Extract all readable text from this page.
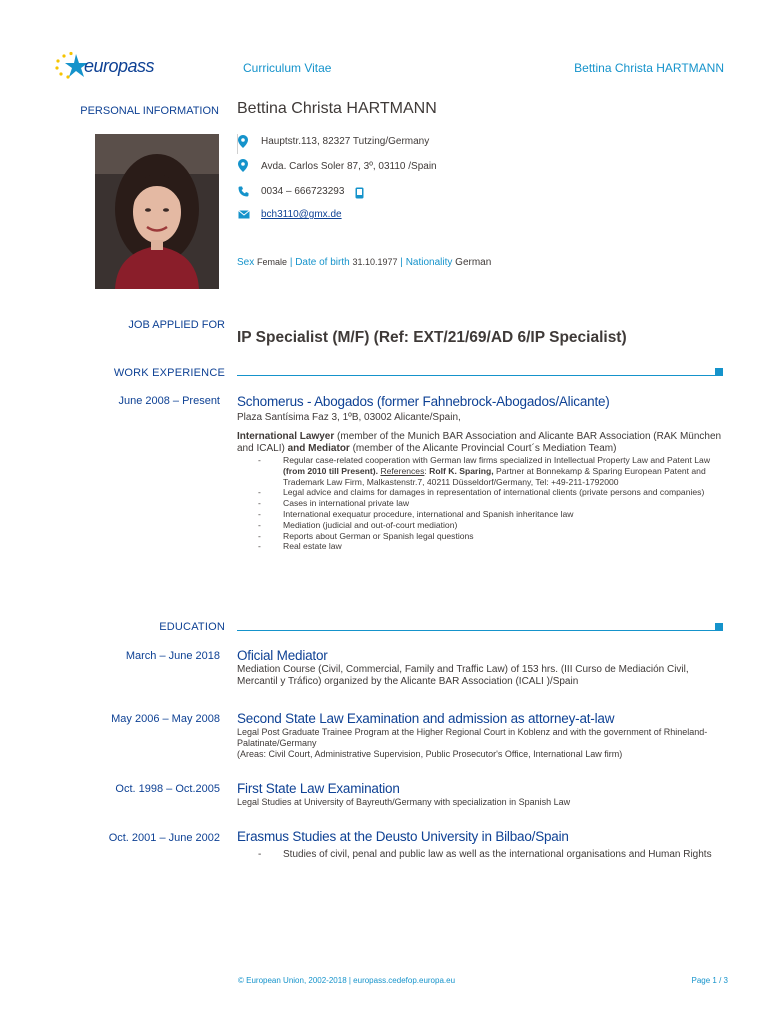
europass	Curriculum Vitae	Bettina Christa HARTMANN
PERSONAL INFORMATION Bettina Christa HARTMANN
Hauptstr.113, 82327 Tutzing/Germany
Avda. Carlos Soler 87, 3º, 03110 /Spain
0034 – 666723293
bch3110@gmx.de
Sex Female | Date of birth 31.10.1977 | Nationality German
JOB APPLIED FOR
IP Specialist (M/F) (Ref: EXT/21/69/AD 6/IP Specialist)
WORK EXPERIENCE
June 2008 – Present Schomerus - Abogados (former Fahnebrock-Abogados/Alicante)
Plaza Santísima Faz 3, 1ºB, 03002 Alicante/Spain,
International Lawyer (member of the Munich BAR Association and Alicante BAR Association (RAK München and ICALI) and Mediator (member of the Alicante Provincial Court´s Mediation Team)
-	Regular case-related cooperation with German law firms specialized in Intellectual Property Law and Patent Law (from 2010 till Present). References: Rolf K. Sparing, Partner at Bonnekamp & Sparing European Patent and Trademark Law Firm, Malkastenstr.7, 40211 Düsseldorf/Germany, Tel: +49-211-1792000
-	Legal advice and claims for damages in representation of international clients (private persons and companies)
-	Cases in international private law
-	International exequatur procedure, international and Spanish inheritance law
-	Mediation (judicial and out-of-court mediation)
-	Reports about German or Spanish legal questions
-	Real estate law
EDUCATION
March – June 2018 Oficial Mediator
Mediation Course (Civil, Commercial, Family and Traffic Law) of 153 hrs. (III Curso de Mediación Civil, Mercantil y Tráfico) organized by the Alicante BAR Association (ICALI )/Spain
May 2006 – May 2008 Second State Law Examination and admission as attorney-at-law
Legal Post Graduate Trainee Program at the Higher Regional Court in Koblenz and with the government of Rhineland-Palatinate/Germany
(Areas: Civil Court, Administrative Supervision, Public Prosecutor's Office, International Law firm)
Oct. 1998 – Oct.2005 First State Law Examination
Legal Studies at University of Bayreuth/Germany with specialization in Spanish Law
Oct. 2001 – June 2002 Erasmus Studies at the Deusto University in Bilbao/Spain
- Studies of civil, penal and public law as well as the international organisations and Human Rights
© European Union, 2002-2018 | europass.cedefop.europa.eu	Page 1 / 3
